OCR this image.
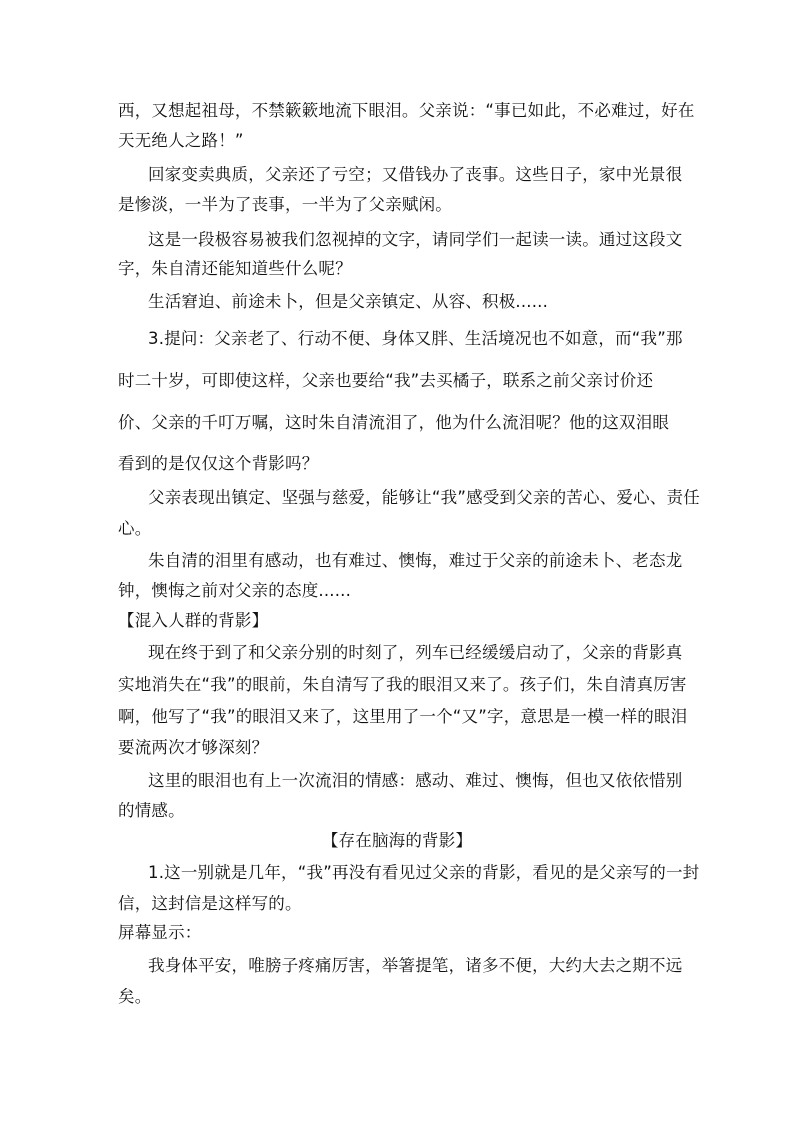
西，又想起祖母，不禁簌簌地流下眼泪。父亲说：“事已如此，不必难过，好在
天无绝人之路！”
回家变卖典质，父亲还了亏空；又借钱办了丧事。这些日子，家中光景很
是惨淡，一半为了丧事，一半为了父亲赋闲。
这是一段极容易被我们忽视掉的文字，请同学们一起读一读。通过这段文
字，朱自清还能知道些什么呢？
生活窘迫、前途未卜，但是父亲镇定、从容、积极......
3.提问：父亲老了、行动不便、身体又胖、生活境况也不如意，而“我”那
时二十岁，可即使这样，父亲也要给“我”去买橘子，联系之前父亲讨价还
价、父亲的千叮万嘱，这时朱自清流泪了，他为什么流泪呢？他的这双泪眼
看到的是仅仅这个背影吗？
父亲表现出镇定、坚强与慈爱，能够让“我”感受到父亲的苦心、爱心、责任
心。
朱自清的泪里有感动，也有难过、懊悔，难过于父亲的前途未卜、老态龙
钟，懊悔之前对父亲的态度......
【混入人群的背影】
现在终于到了和父亲分别的时刻了，列车已经缓缓启动了，父亲的背影真
实地消失在“我”的眼前，朱自清写了我的眼泪又来了。孩子们，朱自清真厉害
啊，他写了“我”的眼泪又来了，这里用了一个“又”字，意思是一模一样的眼泪
要流两次才够深刻？
这里的眼泪也有上一次流泪的情感：感动、难过、懊悔，但也又依依惜别
的情感。
【存在脑海的背影】
1.这一别就是几年，“我”再没有看见过父亲的背影，看见的是父亲写的一封
信，这封信是这样写的。
屏幕显示：
我身体平安，唯膀子疼痛厉害，举箸提笔，诸多不便，大约大去之期不远
矣。
